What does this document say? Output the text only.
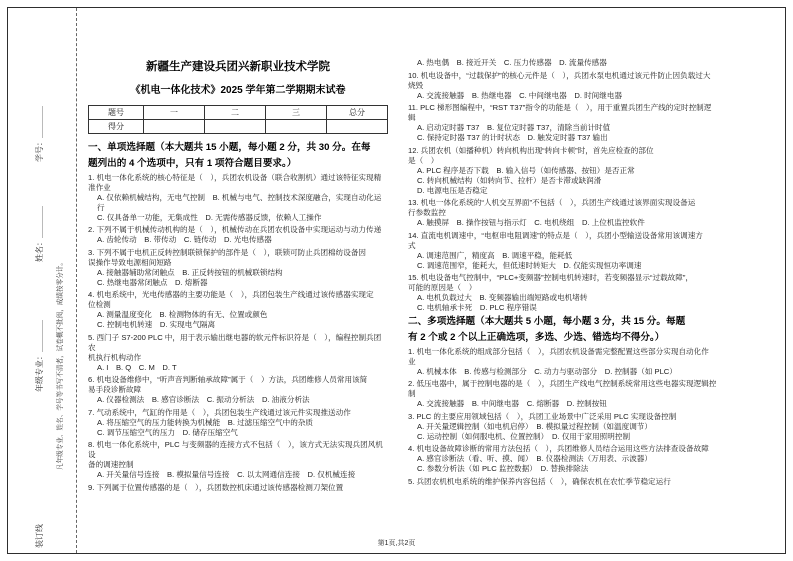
学号：＿＿＿＿
姓名：＿＿＿＿
年级专业：＿＿＿＿	凡年级专业、姓名、学号等书写不清者，试卷概不批阅，成绩按零分计。
装订线
新疆生产建设兵团兴新职业技术学院
《机电一体化技术》2025 学年第二学期期末试卷
题号	一	二	三	总分
得分				
一、单项选择题（本大题共 15 小题，每小题 2 分，共 30 分。在每
题列出的 4 个选项中，只有 1 项符合题目要求。）
1. 机电一体化系统的核心特征是（　），兵团农机设备（联合收割机）通过该特征实现精
准作业
A. 仅依赖机械结构，无电气控制　B. 机械与电气、控制技术深度融合，实现自动化运行
C. 仅具备单一功能，无集成性　D. 无需传感器反馈，依赖人工操作
2. 下列不属于机械传动机构的是（　），机械传动在兵团农机设备中实现运动与动力传递
A. 齿轮传动　B. 带传动　C. 链传动　D. 光电传感器
3. 下列不属于电机正反转控制联锁保护的部件是（　），联锁可防止兵团棉纺设备因
误操作导致电源相间短路
A. 接触器辅助常闭触点　B. 正反转按钮的机械联锁结构
C. 热继电器常闭触点　D. 熔断器
4. 机电系统中，光电传感器的主要功能是（　），兵团包装生产线通过该传感器实现定
位检测
A. 测量温度变化　B. 检测物体的有无、位置或颜色
C. 控制电机转速　D. 实现电气隔离
5. 西门子 S7-200 PLC 中，用于表示输出继电器的软元件标识符是（　），编程控制兵团农
机执行机构动作
A. I　B. Q　C. M　D. T
6. 机电设备维修中，“听声音判断轴承故障”属于（　）方法，兵团维修人员常用该简
易手段诊断故障
A. 仪器检测法　B. 感官诊断法　C. 振动分析法　D. 油液分析法
7. 气动系统中，气缸的作用是（　），兵团包装生产线通过该元件实现推送动作
A. 将压缩空气的压力能转换为机械能　B. 过滤压缩空气中的杂质
C. 调节压缩空气的压力　D. 储存压缩空气
8. 机电一体化系统中，PLC 与变频器的连接方式不包括（　），该方式无法实现兵团风机设
备的调速控制
A. 开关量信号连接　B. 模拟量信号连接　C. 以太网通信连接　D. 仅机械连接
9. 下列属于位置传感器的是（　），兵团数控机床通过该传感器检测刀架位置
A. 热电偶　B. 接近开关　C. 压力传感器　D. 流量传感器
10. 机电设备中，“过载保护”的核心元件是（　），兵团水泵电机通过该元件防止因负载过大
烧毁
A. 交流接触器　B. 热继电器　C. 中间继电器　D. 时间继电器
11. PLC 梯形图编程中，“RST T37”指令的功能是（　），用于重置兵团生产线的定时控制逻
辑
A. 启动定时器 T37　B. 复位定时器 T37，清除当前计时值
C. 保持定时器 T37 的计时状态　D. 触发定时器 T37 输出
12. 兵团农机（如播种机）转向机构出现“转向卡顿”时，首先应检查的部位
是（　）
A. PLC 程序是否下载　B. 输入信号（如传感器、按钮）是否正常
C. 转向机械结构（如转向节、拉杆）是否卡滞或缺润滑
D. 电源电压是否稳定
13. 机电一体化系统的“人机交互界面”不包括（　），兵团生产线通过该界面实现设备运
行参数监控
A. 触摸屏　B. 操作按钮与指示灯　C. 电机绕组　D. 上位机监控软件
14. 直流电机调速中，“电枢串电阻调速”的特点是（　），兵团小型输送设备常用该调速方
式
A. 调速范围广，精度高　B. 调速平稳，能耗低
C. 调速范围窄，能耗大，但低速时转矩大　D. 仅能实现恒功率调速
15. 机电设备电气控制中，“PLC+变频器”控制电机转速时，若变频器显示“过载故障”，
可能的原因是（　）
A. 电机负载过大　B. 变频器输出端短路或电机堵转
C. 电机轴承卡死　D. PLC 程序错误
二、多项选择题（本大题共 5 小题，每小题 3 分，共 15 分。每题
有 2 个或 2 个以上正确选项，多选、少选、错选均不得分。）
1. 机电一体化系统的组成部分包括（　），兵团农机设备需完整配置这些部分实现自动化作
业
A. 机械本体　B. 传感与检测部分　C. 动力与驱动部分　D. 控制器（如 PLC）
2. 低压电器中，属于控制电器的是（　），兵团生产线电气控制系统常用这些电器实现逻辑控
制
A. 交流接触器　B. 中间继电器　C. 熔断器　D. 控制按钮
3. PLC 的主要应用领域包括（　），兵团工业场景中广泛采用 PLC 实现设备控制
A. 开关量逻辑控制（如电机启停）　B. 模拟量过程控制（如温度调节）
C. 运动控制（如伺服电机、位置控制）　D. 仅用于家用照明控制
4. 机电设备故障诊断的常用方法包括（　），兵团维修人员结合运用这些方法排查设备故障
A. 感官诊断法（看、听、摸、闻）　B. 仪器检测法（万用表、示波器）
C. 参数分析法（如 PLC 监控数据）　D. 替换排除法
5. 兵团农机机电系统的维护保养内容包括（　），确保农机在农忙季节稳定运行
第1页,共2页
